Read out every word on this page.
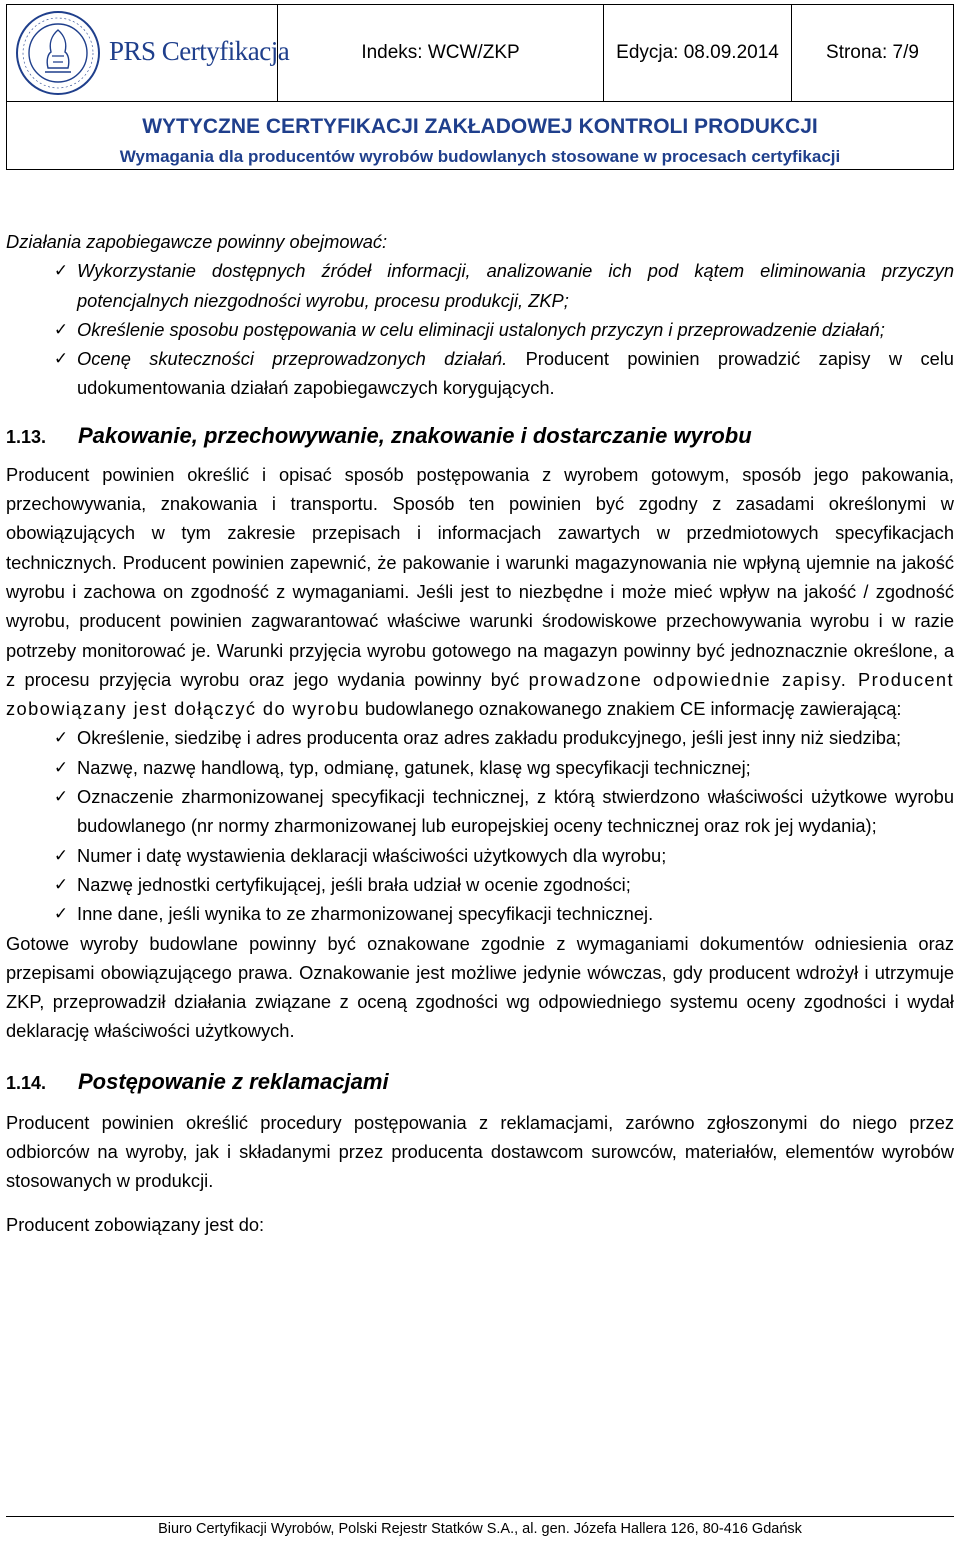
PRS Certyfikacja	Indeks: WCW/ZKP	Edycja: 08.09.2014	Strona: 7/9
WYTYCZNE CERTYFIKACJI ZAKŁADOWEJ KONTROLI PRODUKCJI
Wymagania dla producentów wyrobów budowlanych stosowane w procesach certyfikacji

Działania zapobiegawcze powinny obejmować:

✓ Wykorzystanie dostępnych źródeł informacji, analizowanie ich pod kątem eliminowania przyczyn potencjalnych niezgodności wyrobu, procesu produkcji, ZKP;
✓ Określenie sposobu postępowania w celu eliminacji ustalonych przyczyn i przeprowadzenie działań;
✓ Ocenę skuteczności przeprowadzonych działań. Producent powinien prowadzić zapisy w celu udokumentowania działań zapobiegawczych korygujących.
1.13. Pakowanie, przechowywanie, znakowanie i dostarczanie wyrobu

Producent powinien określić i opisać sposób postępowania z wyrobem gotowym, sposób jego pakowania, przechowywania, znakowania i transportu. Sposób ten powinien być zgodny z zasadami określonymi w obowiązujących w tym zakresie przepisach i informacjach zawartych w przedmiotowych specyfikacjach technicznych. Producent powinien zapewnić, że pakowanie i warunki magazynowania nie wpłyną ujemnie na jakość wyrobu i zachowa on zgodność z wymaganiami. Jeśli jest to niezbędne i może mieć wpływ na jakość / zgodność wyrobu, producent powinien zagwarantować właściwe warunki środowiskowe przechowywania wyrobu i w razie potrzeby monitorować je. Warunki przyjęcia wyrobu gotowego na magazyn powinny być jednoznacznie określone, a z procesu przyjęcia wyrobu oraz jego wydania powinny być prowadzone odpowiednie zapisy. Producent zobowiązany jest dołączyć do wyrobu budowlanego oznakowanego znakiem CE informację zawierającą:

✓ Określenie, siedzibę i adres producenta oraz adres zakładu produkcyjnego, jeśli jest inny niż siedziba;
✓ Nazwę, nazwę handlową, typ, odmianę, gatunek, klasę wg specyfikacji technicznej;
✓ Oznaczenie zharmonizowanej specyfikacji technicznej, z którą stwierdzono właściwości użytkowe wyrobu budowlanego (nr normy zharmonizowanej lub europejskiej oceny technicznej oraz rok jej wydania);
✓ Numer i datę wystawienia deklaracji właściwości użytkowych dla wyrobu;
✓ Nazwę jednostki certyfikującej, jeśli brała udział w ocenie zgodności;
✓ Inne dane, jeśli wynika to ze zharmonizowanej specyfikacji technicznej.

Gotowe wyroby budowlane powinny być oznakowane zgodnie z wymaganiami dokumentów odniesienia oraz przepisami obowiązującego prawa. Oznakowanie jest możliwe jedynie wówczas, gdy producent wdrożył i utrzymuje ZKP, przeprowadził działania związane z oceną zgodności wg odpowiedniego systemu oceny zgodności i wydał deklarację właściwości użytkowych.

1.14. Postępowanie z reklamacjami

Producent powinien określić procedury postępowania z reklamacjami, zarówno zgłoszonymi do niego przez odbiorców na wyroby, jak i składanymi przez producenta dostawcom surowców, materiałów, elementów wyrobów stosowanych w produkcji.

Producent zobowiązany jest do:

Biuro Certyfikacji Wyrobów, Polski Rejestr Statków S.A., al. gen. Józefa Hallera 126, 80-416 Gdańsk
